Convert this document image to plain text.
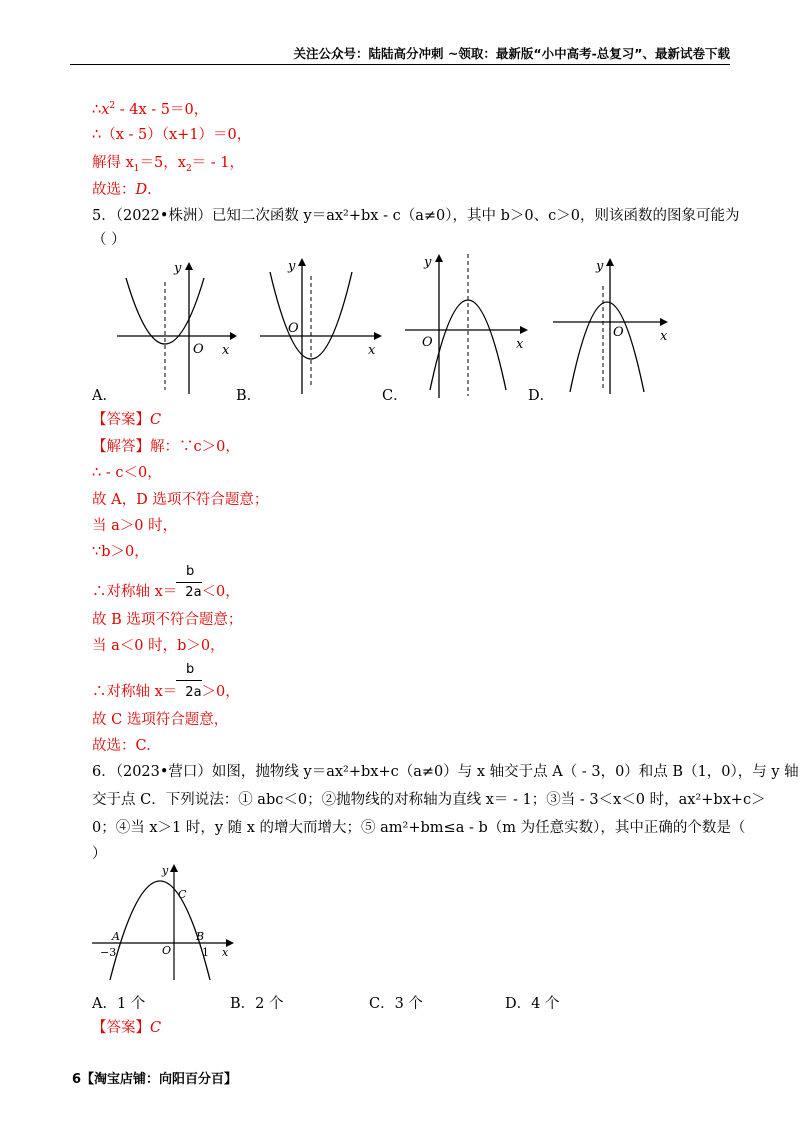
关注公众号：陆陆高分冲刺 ~领取：最新版“小中高考-总复习”、最新试卷下载
$\therefore x^2 - 4x - 5=0$，
∴（x - 5）（x+1）＝0，
解得 $x_1=5$，$x_2= - 1$，
故选：D.
5．（2022•株洲）已知二次函数 y＝ax²+bx - c（a≠0），其中 b＞0、c＞0，则该函数的图象可能为
（ ）
y
O x
A．
y
O
x
B．
y
O	x
C．
y
O	x
D．
【答案】C
【解答】解：∵c＞0，
∴ - c＜0，
故 A，D 选项不符合题意；
当 a＞0 时，
∵b＞0，
b
∴对称轴 x＝ 2a＜0，
故 B 选项不符合题意；
当 a＜0 时，b＞0，
b
∴对称轴 x＝ 2a＞0，
故 C 选项符合题意，
故选：C.
6．（2023•营口）如图，抛物线 y＝ax²+bx+c（a≠0）与 x 轴交于点 A（ - 3，0）和点 B（1，0），与 y 轴
交于点 C．下列说法：① abc＜0；②抛物线的对称轴为直线 x＝ - 1；③当 - 3＜x＜0 时，ax²+bx+c＞
0；④当 x＞1 时，y 随 x 的增大而增大；⑤ am²+bm≤a - b（m 为任意实数），其中正确的个数是（
）
y
C
A	B
O
−3	1 x
A．1 个	B．2 个	C．3 个	D．4 个
【答案】C
6【淘宝店铺：向阳百分百】
